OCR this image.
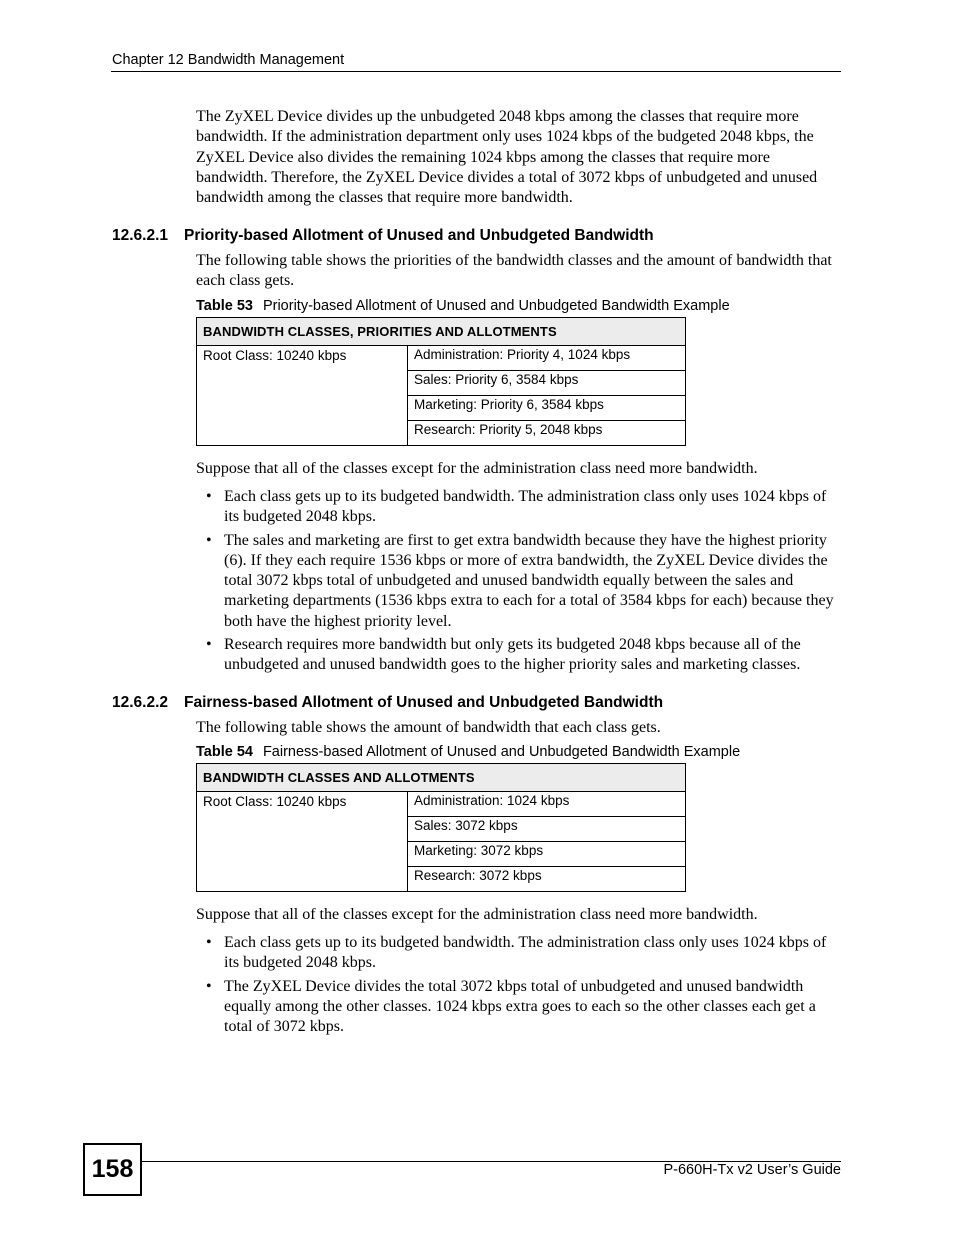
Chapter 12 Bandwidth Management
The ZyXEL Device divides up the unbudgeted 2048 kbps among the classes that require more bandwidth. If the administration department only uses 1024 kbps of the budgeted 2048 kbps, the ZyXEL Device also divides the remaining 1024 kbps among the classes that require more bandwidth. Therefore, the ZyXEL Device divides a total of 3072 kbps of unbudgeted and unused bandwidth among the classes that require more bandwidth.
12.6.2.1 Priority-based Allotment of Unused and Unbudgeted Bandwidth
The following table shows the priorities of the bandwidth classes and the amount of bandwidth that each class gets.
Table 53 Priority-based Allotment of Unused and Unbudgeted Bandwidth Example
BANDWIDTH CLASSES, PRIORITIES AND ALLOTMENTS
Root Class: 10240 kbps	Administration: Priority 4, 1024 kbps
Sales: Priority 6, 3584 kbps
Marketing: Priority 6, 3584 kbps
Research: Priority 5, 2048 kbps
Suppose that all of the classes except for the administration class need more bandwidth.
• Each class gets up to its budgeted bandwidth. The administration class only uses 1024 kbps of its budgeted 2048 kbps.
• The sales and marketing are first to get extra bandwidth because they have the highest priority (6). If they each require 1536 kbps or more of extra bandwidth, the ZyXEL Device divides the total 3072 kbps total of unbudgeted and unused bandwidth equally between the sales and marketing departments (1536 kbps extra to each for a total of 3584 kbps for each) because they both have the highest priority level.
• Research requires more bandwidth but only gets its budgeted 2048 kbps because all of the unbudgeted and unused bandwidth goes to the higher priority sales and marketing classes.
12.6.2.2 Fairness-based Allotment of Unused and Unbudgeted Bandwidth
The following table shows the amount of bandwidth that each class gets.
Table 54 Fairness-based Allotment of Unused and Unbudgeted Bandwidth Example
BANDWIDTH CLASSES AND ALLOTMENTS
Root Class: 10240 kbps	Administration: 1024 kbps
Sales: 3072 kbps
Marketing: 3072 kbps
Research: 3072 kbps
Suppose that all of the classes except for the administration class need more bandwidth.
• Each class gets up to its budgeted bandwidth. The administration class only uses 1024 kbps of its budgeted 2048 kbps.
• The ZyXEL Device divides the total 3072 kbps total of unbudgeted and unused bandwidth equally among the other classes. 1024 kbps extra goes to each so the other classes each get a total of 3072 kbps.
158	P-660H-Tx v2 User’s Guide
